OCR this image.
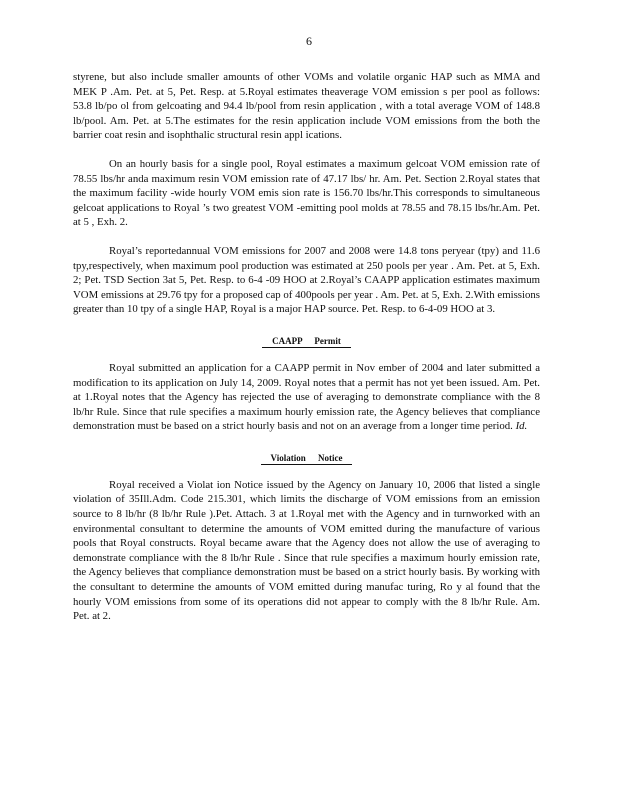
6

styrene, but also include smaller amounts of other VOMs and volatile organic HAP such as MMA and MEK P .Am. Pet. at 5, Pet. Resp. at 5.Royal estimates theaverage VOM emission s per pool as follows: 53.8 lb/po ol from gelcoating and 94.4 lb/pool from resin application , with a total average VOM of 148.8 lb/pool. Am. Pet. at 5.The estimates for the resin application include VOM emissions from the both the barrier coat resin and isophthalic structural resin appl ications.

On an hourly basis for a single pool, Royal estimates a maximum gelcoat VOM emission rate of 78.55 lbs/hr anda maximum resin VOM emission rate of 47.17 lbs/ hr. Am. Pet. Section 2.Royal states that the maximum facility -wide hourly VOM emis sion rate is 156.70 lbs/hr.This corresponds to simultaneous gelcoat applications to Royal ’s two greatest VOM -emitting pool molds at 78.55 and 78.15 lbs/hr.Am. Pet. at 5 , Exh. 2.

Royal’s reportedannual VOM emissions for 2007 and 2008 were 14.8 tons peryear (tpy) and 11.6 tpy,respectively, when maximum pool production was estimated at 250 pools per year . Am. Pet. at 5, Exh. 2; Pet. TSD Section 3at 5, Pet. Resp. to 6-4 -09 HOO at 2.Royal’s CAAPP application estimates maximum VOM emissions at 29.76 tpy for a proposed cap of 400pools per year . Am. Pet. at 5, Exh. 2.With emissions greater than 10 tpy of a single HAP, Royal is a major HAP source. Pet. Resp. to 6-4-09 HOO at 3.

CAAPP Permit

Royal submitted an application for a CAAPP permit in Nov ember of 2004 and later submitted a modification to its application on July 14, 2009. Royal notes that a permit has not yet been issued. Am. Pet. at 1.Royal notes that the Agency has rejected the use of averaging to demonstrate compliance with the 8 lb/hr Rule. Since that rule specifies a maximum hourly emission rate, the Agency believes that compliance demonstration must be based on a strict hourly basis and not on an average from a longer time period. Id.

Violation Notice

Royal received a Violat ion Notice issued by the Agency on January 10, 2006 that listed a single violation of 35Ill.Adm. Code 215.301, which limits the discharge of VOM emissions from an emission source to 8 lb/hr (8 lb/hr Rule ).Pet. Attach. 3 at 1.Royal met with the Agency and in turnworked with an environmental consultant to determine the amounts of VOM emitted during the manufacture of various pools that Royal constructs. Royal became aware that the Agency does not allow the use of averaging to demonstrate compliance with the 8 lb/hr Rule . Since that rule specifies a maximum hourly emission rate, the Agency believes that compliance demonstration must be based on a strict hourly basis. By working with the consultant to determine the amounts of VOM emitted during manufac turing, Ro y al found that the hourly VOM emissions from some of its operations did not appear to comply with the 8 lb/hr Rule. Am. Pet. at 2.
